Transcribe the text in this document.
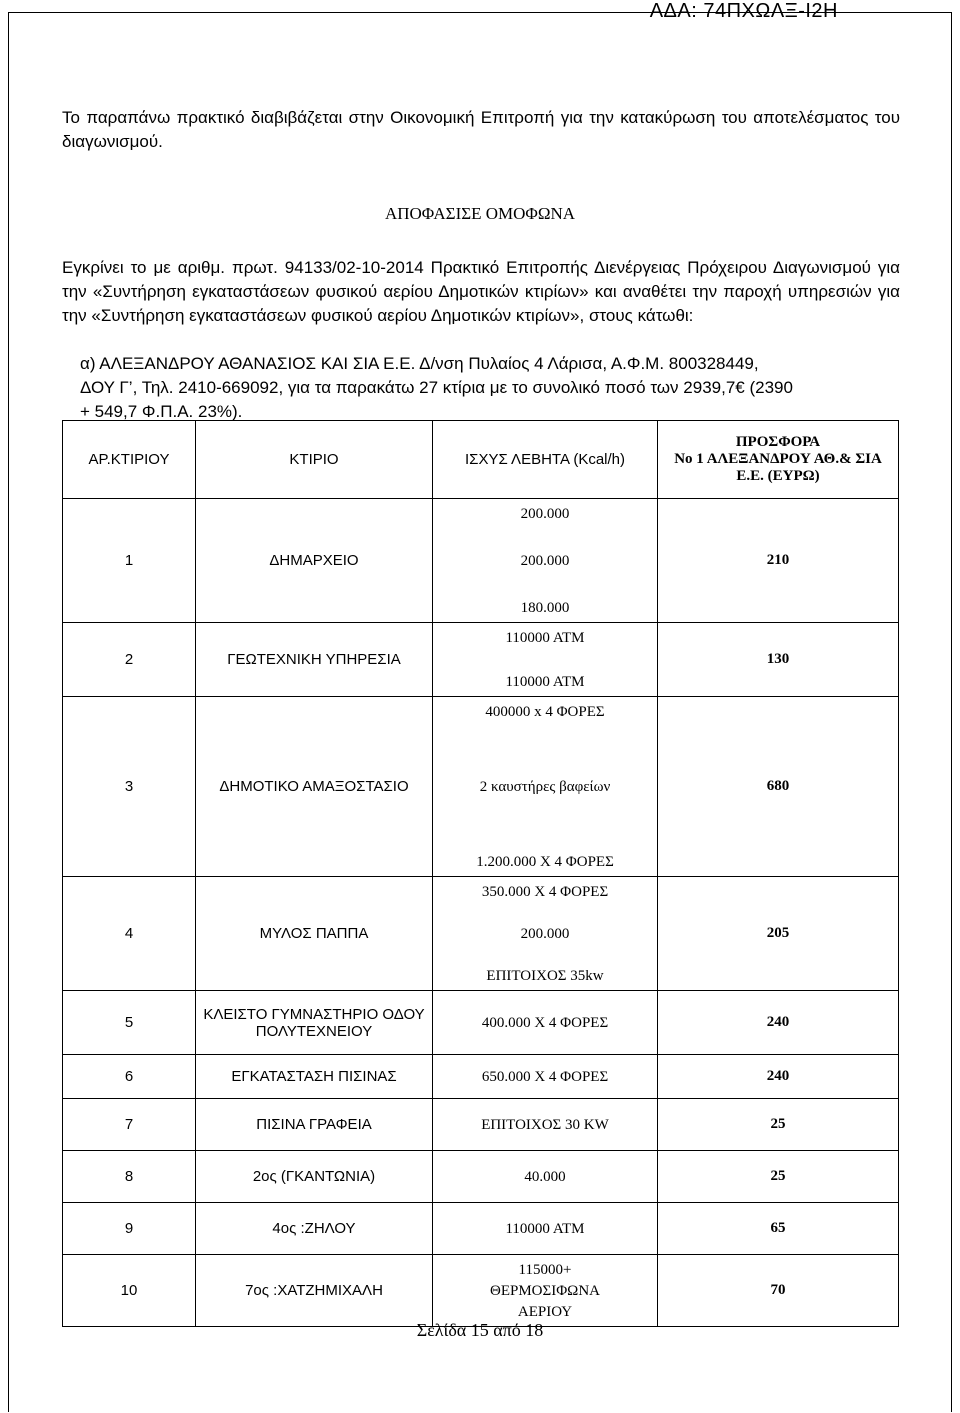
ΑΔΑ: 74ΠΧΩΛΞ-Ι2Η
Το παραπάνω πρακτικό διαβιβάζεται στην Οικονομική Επιτροπή για την κατακύρωση του αποτελέσματος του διαγωνισμού.
ΑΠΟΦΑΣΙΣΕ ΟΜΟΦΩΝΑ
Εγκρίνει το με αριθμ. πρωτ. 94133/02-10-2014 Πρακτικό Επιτροπής Διενέργειας Πρόχειρου Διαγωνισμού για την «Συντήρηση εγκαταστάσεων φυσικού αερίου Δημοτικών κτιρίων» και αναθέτει την παροχή υπηρεσιών για την «Συντήρηση εγκαταστάσεων φυσικού αερίου Δημοτικών κτιρίων», στους κάτωθι:
α) ΑΛΕΞΑΝΔΡΟΥ ΑΘΑΝΑΣΙΟΣ ΚΑΙ ΣΙΑ Ε.Ε. Δ/νση Πυλαίος 4 Λάρισα, Α.Φ.Μ. 800328449,
ΔΟΥ Γ’, Τηλ. 2410-669092, για τα παρακάτω 27 κτίρια με το συνολικό ποσό των 2939,7€ (2390
+ 549,7 Φ.Π.Α. 23%).
ΑΡ.ΚΤΙΡΙΟΥ	ΚΤΙΡΙΟ	ΙΣΧΥΣ ΛΕΒΗΤΑ (Kcal/h)	ΠΡΟΣΦΟΡΑ
Νο 1 ΑΛΕΞΑΝΔΡΟΥ ΑΘ.& ΣΙΑ
Ε.Ε. (ΕΥΡΩ)

1	ΔΗΜΑΡΧΕΙΟ	200.000
200.000
180.000	210
2	ΓΕΩΤΕΧΝΙΚΗ ΥΠΗΡΕΣΙΑ	110000 ΑΤΜ
110000 ΑΤΜ	130
3	ΔΗΜΟΤΙΚΟ ΑΜΑΞΟΣΤΑΣΙΟ	400000 x 4 ΦΟΡΕΣ
2 καυστήρες βαφείων
1.200.000 Χ 4 ΦΟΡΕΣ	680
4	ΜΥΛΟΣ ΠΑΠΠΑ	350.000 Χ 4 ΦΟΡΕΣ
200.000
ΕΠΙΤΟΙΧΟΣ 35kw	205
5	ΚΛΕΙΣΤΟ ΓΥΜΝΑΣΤΗΡΙΟ ΟΔΟΥ ΠΟΛΥΤΕΧΝΕΙΟΥ	400.000 Χ 4 ΦΟΡΕΣ	240
6	ΕΓΚΑΤΑΣΤΑΣΗ ΠΙΣΙΝΑΣ	650.000 Χ 4 ΦΟΡΕΣ	240
7	ΠΙΣΙΝΑ ΓΡΑΦΕΙΑ	ΕΠΙΤΟΙΧΟΣ 30 KW	25
8	2ος (ΓΚΑΝΤΩΝΙΑ)	40.000	25
9	4ος :ΖΗΛΟΥ	110000 ΑΤΜ	65
10	7ος :ΧΑΤΖΗΜΙΧΑΛΗ	115000+
ΘΕΡΜΟΣΙΦΩΝΑ
ΑΕΡΙΟΥ	70
Σελίδα 15 από 18
